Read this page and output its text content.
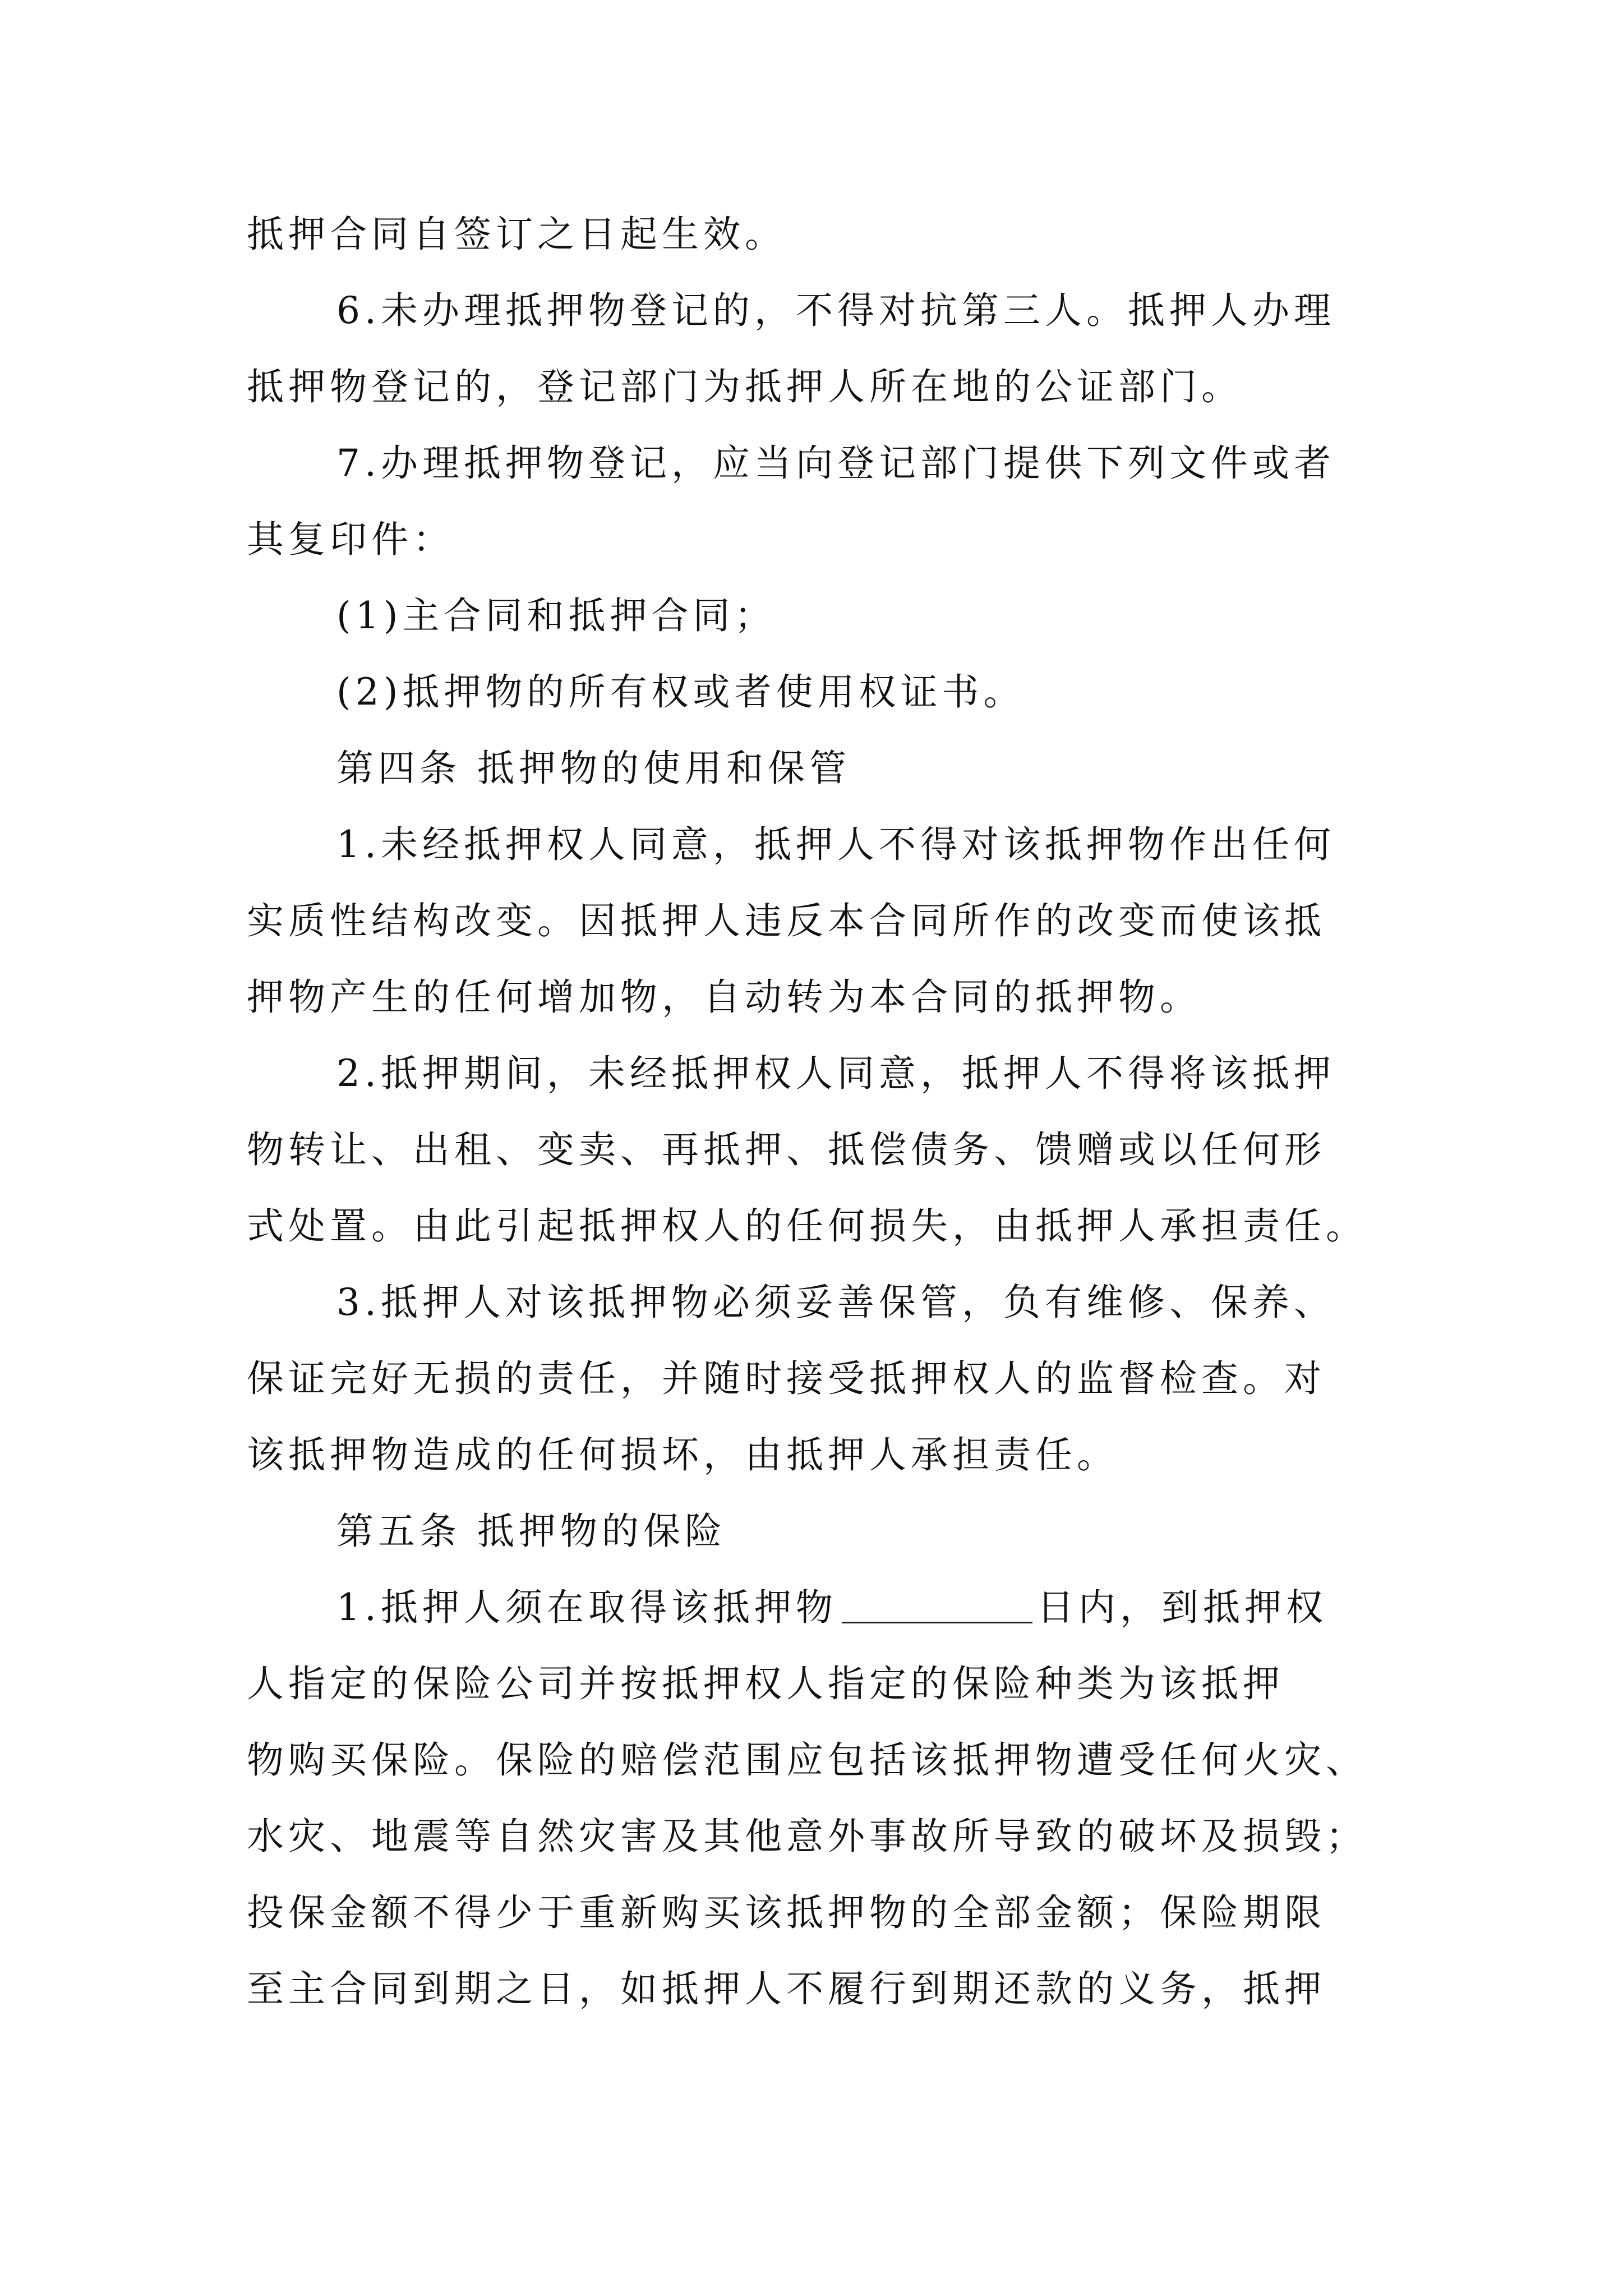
抵押合同自签订之日起生效。
6.未办理抵押物登记的，不得对抗第三人。抵押人办理
抵押物登记的，登记部门为抵押人所在地的公证部门。
7.办理抵押物登记，应当向登记部门提供下列文件或者
其复印件：
(1)主合同和抵押合同；
(2)抵押物的所有权或者使用权证书。
第四条 抵押物的使用和保管
1.未经抵押权人同意，抵押人不得对该抵押物作出任何
实质性结构改变。因抵押人违反本合同所作的改变而使该抵
押物产生的任何增加物，自动转为本合同的抵押物。
2.抵押期间，未经抵押权人同意，抵押人不得将该抵押
物转让、出租、变卖、再抵押、抵偿债务、馈赠或以任何形
式处置。由此引起抵押权人的任何损失，由抵押人承担责任。
3.抵押人对该抵押物必须妥善保管，负有维修、保养、
保证完好无损的责任，并随时接受抵押权人的监督检查。对
该抵押物造成的任何损坏，由抵押人承担责任。
第五条 抵押物的保险
1.抵押人须在取得该抵押物	日内，到抵押权
人指定的保险公司并按抵押权人指定的保险种类为该抵押
物购买保险。保险的赔偿范围应包括该抵押物遭受任何火灾、
水灾、地震等自然灾害及其他意外事故所导致的破坏及损毁；
投保金额不得少于重新购买该抵押物的全部金额；保险期限
至主合同到期之日，如抵押人不履行到期还款的义务，抵押
